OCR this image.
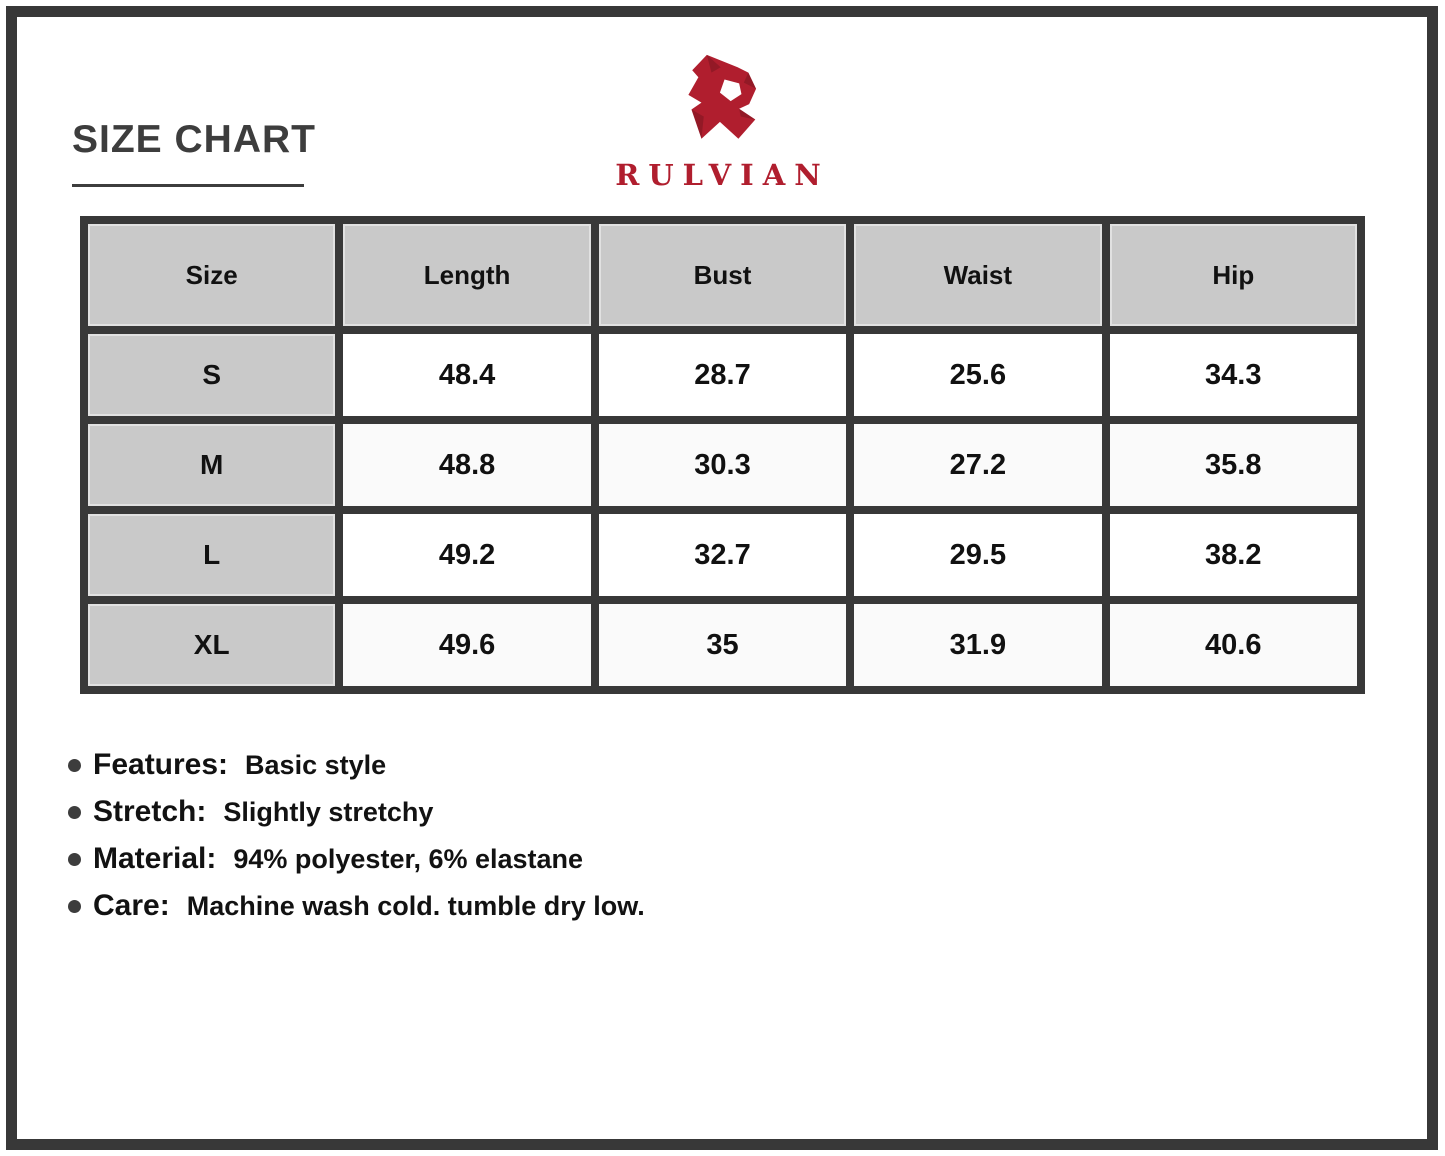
SIZE CHART
RULVIAN
Size	Length	Bust	Waist	Hip
S	48.4	28.7	25.6	34.3
M	48.8	30.3	27.2	35.8
L	49.2	32.7	29.5	38.2
XL	49.6	35	31.9	40.6
Features: Basic style
Stretch: Slightly stretchy
Material: 94% polyester, 6% elastane
Care: Machine wash cold. tumble dry low.
